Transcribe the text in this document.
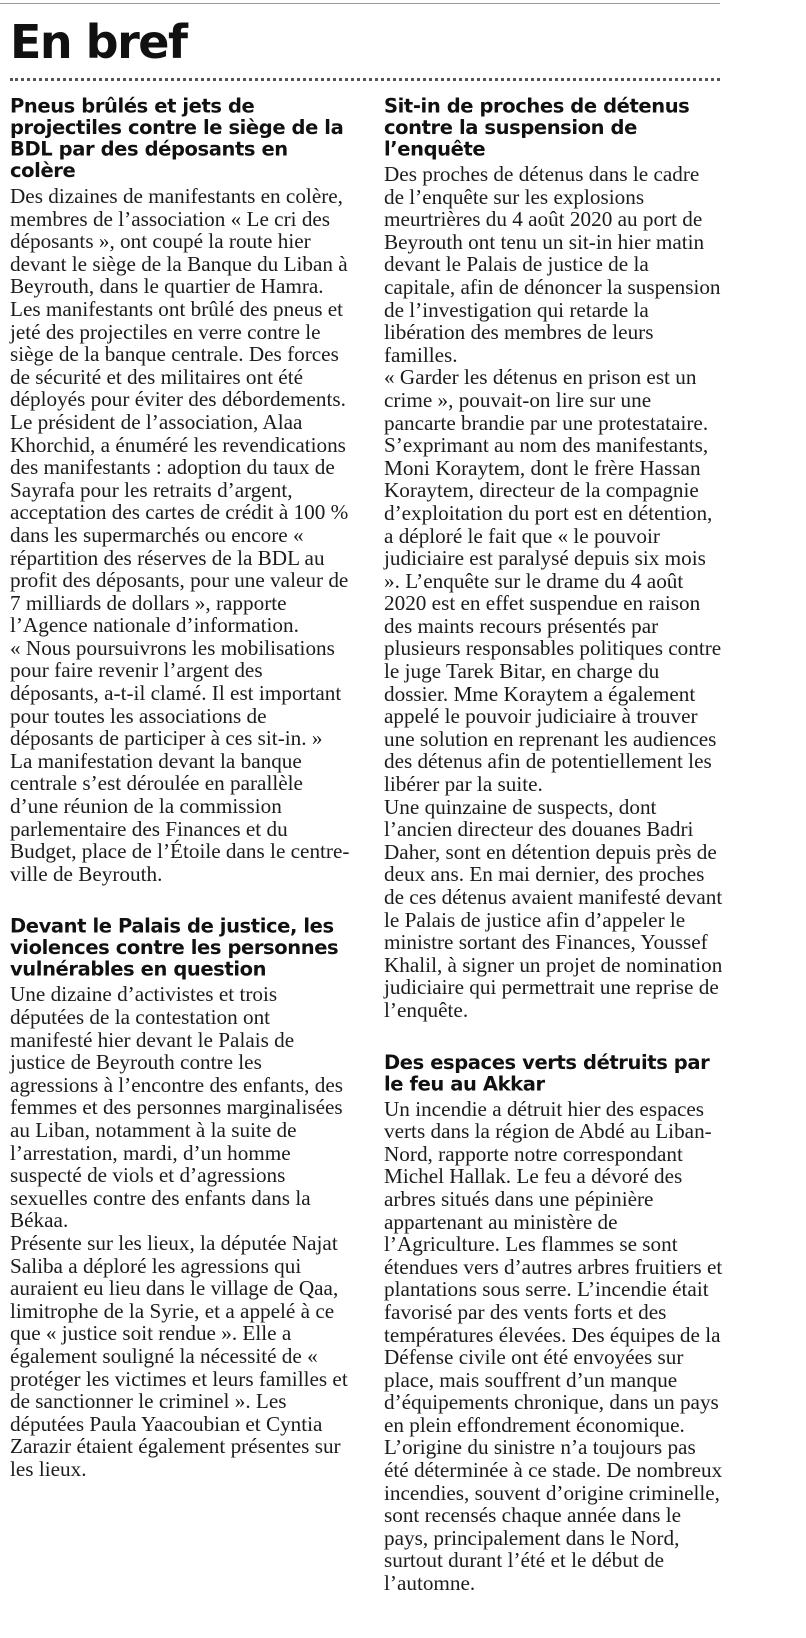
En bref
Pneus brûlés et jets de projectiles contre le siège de la BDL par des déposants en colère

Des dizaines de manifestants en colère, membres de l’association « Le cri des déposants », ont coupé la route hier devant le siège de la Banque du Liban à Beyrouth, dans le quartier de Hamra. Les manifestants ont brûlé des pneus et jeté des projectiles en verre contre le siège de la banque centrale. Des forces de sécurité et des militaires ont été déployés pour éviter des débordements.

Le président de l’association, Alaa Khorchid, a énuméré les revendications des manifestants : adoption du taux de Sayrafa pour les retraits d’argent, acceptation des cartes de crédit à 100 % dans les supermarchés ou encore « répartition des réserves de la BDL au profit des déposants, pour une valeur de 7 milliards de dollars », rapporte l’Agence nationale d’information.

« Nous poursuivrons les mobilisations pour faire revenir l’argent des déposants, a-t-il clamé. Il est important pour toutes les associations de déposants de participer à ces sit-in. »

La manifestation devant la banque centrale s’est déroulée en parallèle d’une réunion de la commission parlementaire des Finances et du Budget, place de l’Étoile dans le centre-ville de Beyrouth.

Devant le Palais de justice, les violences contre les personnes vulnérables en question

Une dizaine d’activistes et trois députées de la contestation ont manifesté hier devant le Palais de justice de Beyrouth contre les agressions à l’encontre des enfants, des femmes et des personnes marginalisées au Liban, notamment à la suite de l’arrestation, mardi, d’un homme suspecté de viols et d’agressions sexuelles contre des enfants dans la Békaa.

Présente sur les lieux, la députée Najat Saliba a déploré les agressions qui auraient eu lieu dans le village de Qaa, limitrophe de la Syrie, et a appelé à ce que « justice soit rendue ». Elle a également souligné la nécessité de « protéger les victimes et leurs familles et de sanctionner le criminel ». Les députées Paula Yaacoubian et Cyntia Zarazir étaient également présentes sur les lieux.

Sit-in de proches de détenus contre la suspension de l’enquête

Des proches de détenus dans le cadre de l’enquête sur les explosions meurtrières du 4 août 2020 au port de Beyrouth ont tenu un sit-in hier matin devant le Palais de justice de la capitale, afin de dénoncer la suspension de l’investigation qui retarde la libération des membres de leurs familles.

« Garder les détenus en prison est un crime », pouvait-on lire sur une pancarte brandie par une protestataire. S’exprimant au nom des manifestants, Moni Koraytem, dont le frère Hassan Koraytem, directeur de la compagnie d’exploitation du port est en détention, a déploré le fait que « le pouvoir judiciaire est paralysé depuis six mois ». L’enquête sur le drame du 4 août 2020 est en effet suspendue en raison des maints recours présentés par plusieurs responsables politiques contre le juge Tarek Bitar, en charge du dossier. Mme Koraytem a également appelé le pouvoir judiciaire à trouver une solution en reprenant les audiences des détenus afin de potentiellement les libérer par la suite.

Une quinzaine de suspects, dont l’ancien directeur des douanes Badri Daher, sont en détention depuis près de deux ans. En mai dernier, des proches de ces détenus avaient manifesté devant le Palais de justice afin d’appeler le ministre sortant des Finances, Youssef Khalil, à signer un projet de nomination judiciaire qui permettrait une reprise de l’enquête.

Des espaces verts détruits par le feu au Akkar

Un incendie a détruit hier des espaces verts dans la région de Abdé au Liban-Nord, rapporte notre correspondant Michel Hallak. Le feu a dévoré des arbres situés dans une pépinière appartenant au ministère de l’Agriculture. Les flammes se sont étendues vers d’autres arbres fruitiers et plantations sous serre. L’incendie était favorisé par des vents forts et des températures élevées. Des équipes de la Défense civile ont été envoyées sur place, mais souffrent d’un manque d’équipements chronique, dans un pays en plein effondrement économique. L’origine du sinistre n’a toujours pas été déterminée à ce stade. De nombreux incendies, souvent d’origine criminelle, sont recensés chaque année dans le pays, principalement dans le Nord, surtout durant l’été et le début de l’automne.
